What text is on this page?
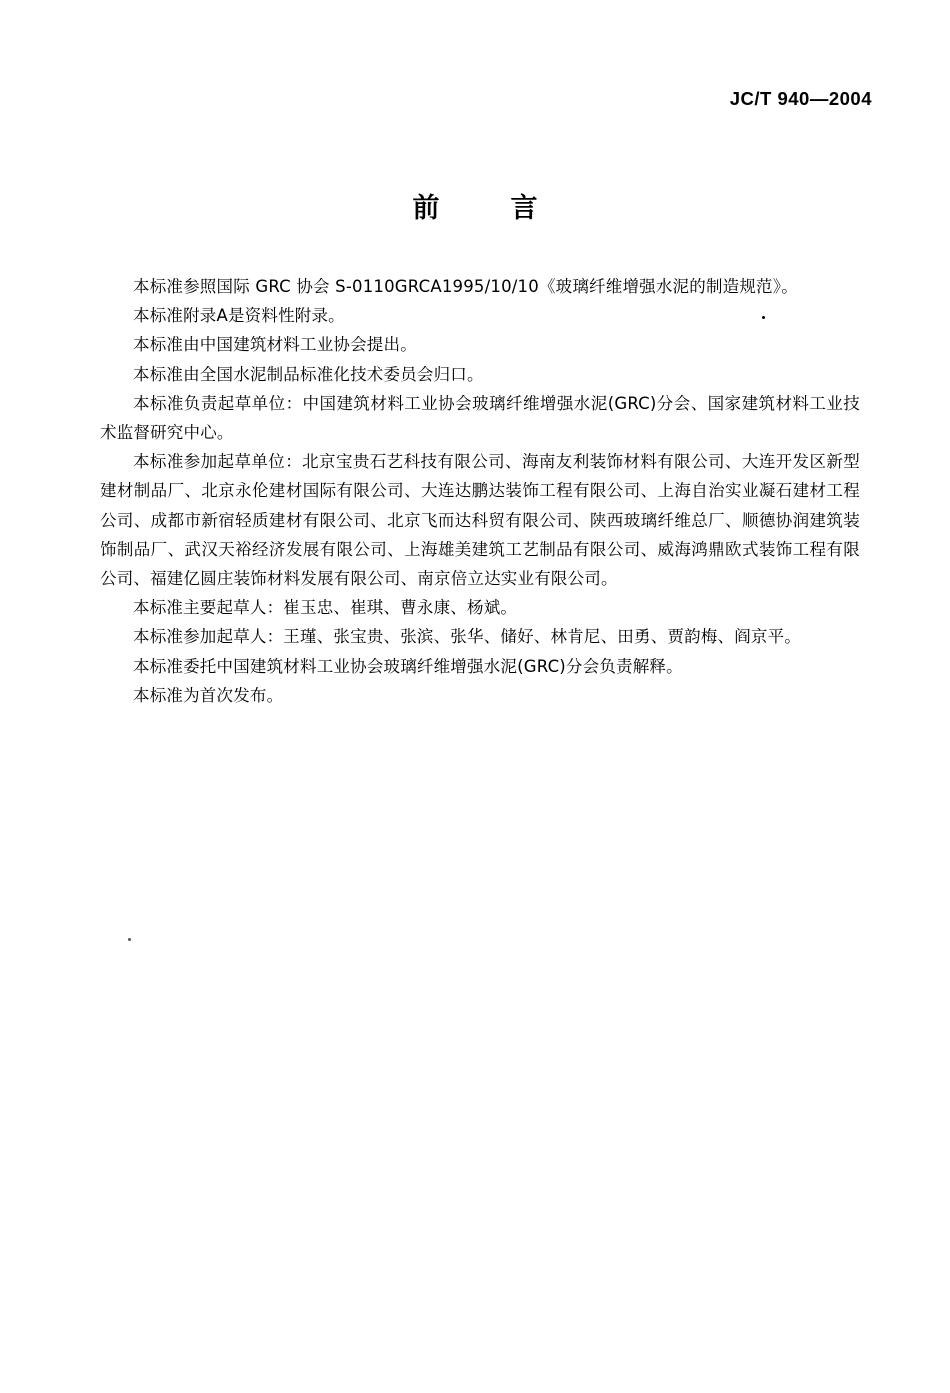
JC/T 940—2004
前　言

本标准参照国际 GRC 协会 S-0110GRCA1995/10/10《玻璃纤维增强水泥的制造规范》。

本标准附录A是资料性附录。

本标准由中国建筑材料工业协会提出。

本标准由全国水泥制品标准化技术委员会归口。

本标准负责起草单位：中国建筑材料工业协会玻璃纤维增强水泥(GRC)分会、国家建筑材料工业技术监督研究中心。

本标准参加起草单位：北京宝贵石艺科技有限公司、海南友利装饰材料有限公司、大连开发区新型建材制品厂、北京永伦建材国际有限公司、大连达鹏达装饰工程有限公司、上海自治实业凝石建材工程公司、成都市新宿轻质建材有限公司、北京飞而达科贸有限公司、陕西玻璃纤维总厂、顺德协润建筑装饰制品厂、武汉天裕经济发展有限公司、上海雄美建筑工艺制品有限公司、威海鸿鼎欧式装饰工程有限公司、福建亿圆庄装饰材料发展有限公司、南京倍立达实业有限公司。

本标准主要起草人：崔玉忠、崔琪、曹永康、杨斌。

本标准参加起草人：王瑾、张宝贵、张滨、张华、储好、林肯尼、田勇、贾韵梅、阎京平。

本标准委托中国建筑材料工业协会玻璃纤维增强水泥(GRC)分会负责解释。

本标准为首次发布。
